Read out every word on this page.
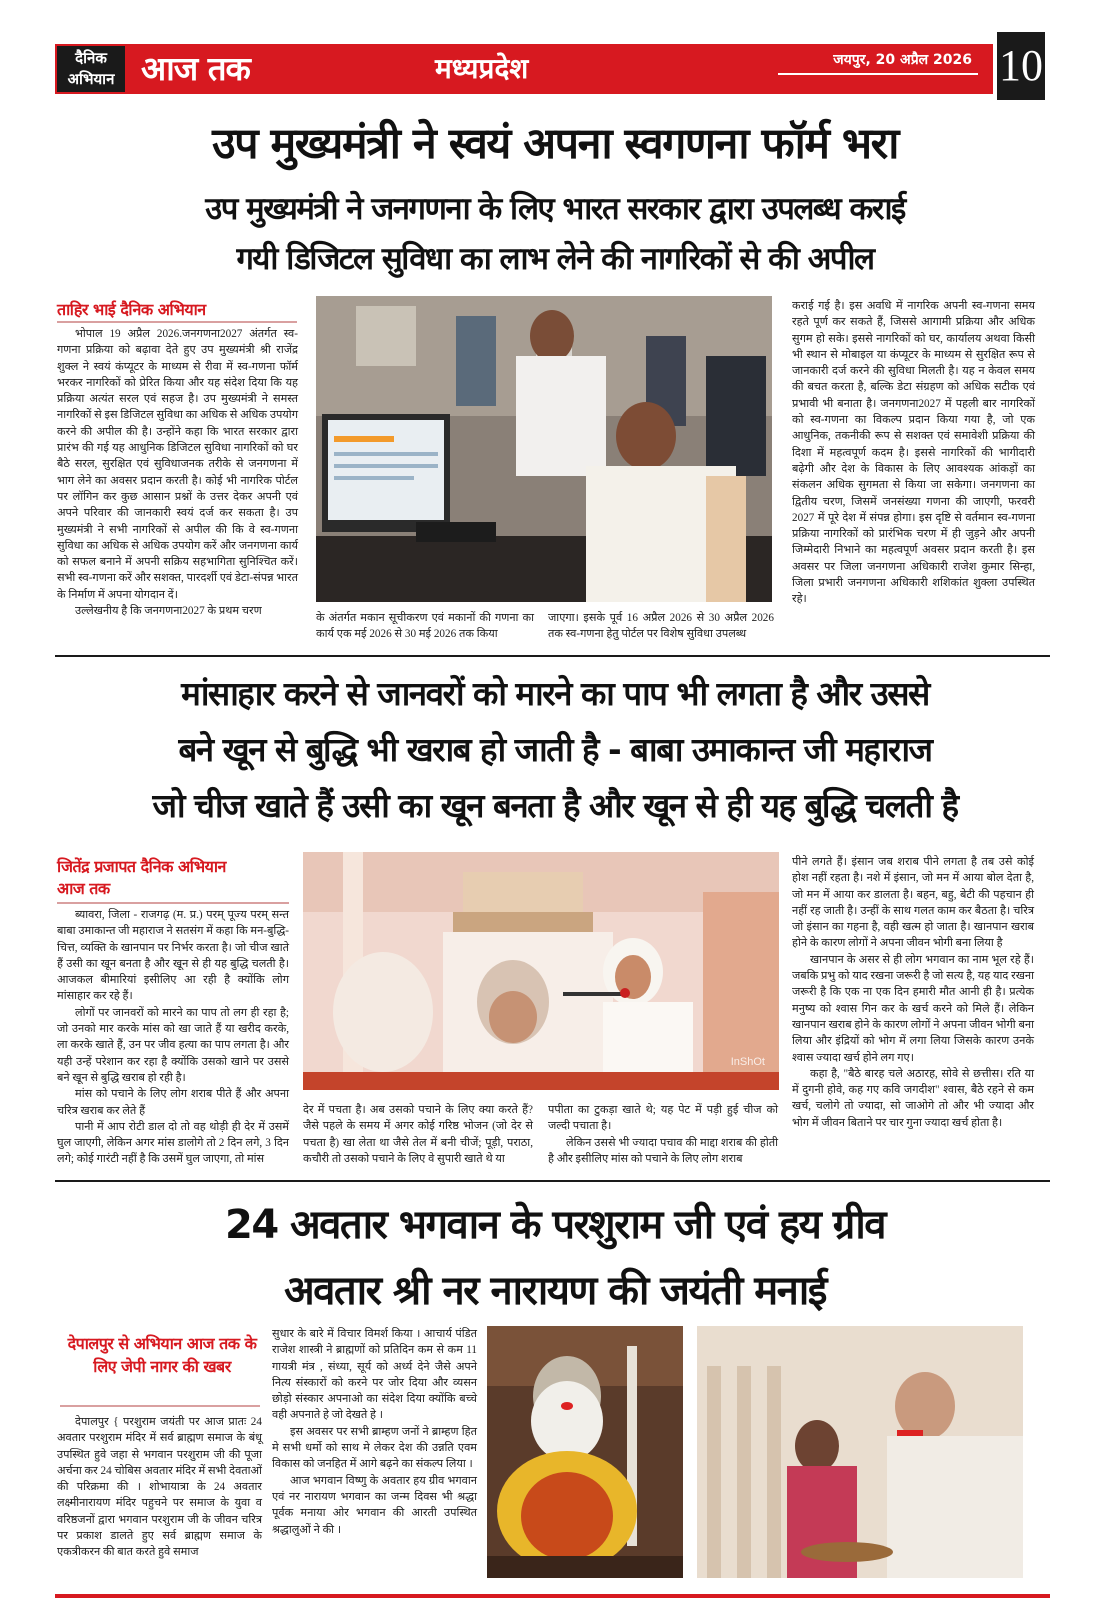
दैनिक
अभियान आज तक	मध्यप्रदेश	जयपुर, 20 अप्रैल 2026 10
उप मुख्यमंत्री ने स्वयं अपना स्वगणना फॉर्म भरा
उप मुख्यमंत्री ने जनगणना के लिए भारत सरकार द्वारा उपलब्ध कराई
गयी डिजिटल सुविधा का लाभ लेने की नागरिकों से की अपील
ताहिर भाई दैनिक अभियान

भोपाल 19 अप्रैल 2026.जनगणना2027 अंतर्गत स्व-गणना प्रक्रिया को बढ़ावा देते हुए उप मुख्यमंत्री श्री राजेंद्र शुक्ल ने स्वयं कंप्यूटर के माध्यम से रीवा में स्व-गणना फॉर्म भरकर नागरिकों को प्रेरित किया और यह संदेश दिया कि यह प्रक्रिया अत्यंत सरल एवं सहज है। उप मुख्यमंत्री ने समस्त नागरिकों से इस डिजिटल सुविधा का अधिक से अधिक उपयोग करने की अपील की है। उन्होंने कहा कि भारत सरकार द्वारा प्रारंभ की गई यह आधुनिक डिजिटल सुविधा नागरिकों को घर बैठे सरल, सुरक्षित एवं सुविधाजनक तरीके से जनगणना में भाग लेने का अवसर प्रदान करती है। कोई भी नागरिक पोर्टल पर लॉगिन कर कुछ आसान प्रश्नों के उत्तर देकर अपनी एवं अपने परिवार की जानकारी स्वयं दर्ज कर सकता है। उप मुख्यमंत्री ने सभी नागरिकों से अपील की कि वे स्व-गणना सुविधा का अधिक से अधिक उपयोग करें और जनगणना कार्य को सफल बनाने में अपनी सक्रिय सहभागिता सुनिश्चित करें। सभी स्व-गणना करें और सशक्त, पारदर्शी एवं डेटा-संपन्न भारत के निर्माण में अपना योगदान दें।

उल्लेखनीय है कि जनगणना2027 के प्रथम चरण

के अंतर्गत मकान सूचीकरण एवं मकानों की गणना का कार्य एक मई 2026 से 30 मई 2026 तक किया

जाएगा। इसके पूर्व 16 अप्रैल 2026 से 30 अप्रैल 2026 तक स्व-गणना हेतु पोर्टल पर विशेष सुविधा उपलब्ध

कराई गई है। इस अवधि में नागरिक अपनी स्व-गणना समय रहते पूर्ण कर सकते हैं, जिससे आगामी प्रक्रिया और अधिक सुगम हो सके। इससे नागरिकों को घर, कार्यालय अथवा किसी भी स्थान से मोबाइल या कंप्यूटर के माध्यम से सुरक्षित रूप से जानकारी दर्ज करने की सुविधा मिलती है। यह न केवल समय की बचत करता है, बल्कि डेटा संग्रहण को अधिक सटीक एवं प्रभावी भी बनाता है। जनगणना2027 में पहली बार नागरिकों को स्व-गणना का विकल्प प्रदान किया गया है, जो एक आधुनिक, तकनीकी रूप से सशक्त एवं समावेशी प्रक्रिया की दिशा में महत्वपूर्ण कदम है। इससे नागरिकों की भागीदारी बढ़ेगी और देश के विकास के लिए आवश्यक आंकड़ों का संकलन अधिक सुगमता से किया जा सकेगा। जनगणना का द्वितीय चरण, जिसमें जनसंख्या गणना की जाएगी, फरवरी 2027 में पूरे देश में संपन्न होगा। इस दृष्टि से वर्तमान स्व-गणना प्रक्रिया नागरिकों को प्रारंभिक चरण में ही जुड़ने और अपनी जिम्मेदारी निभाने का महत्वपूर्ण अवसर प्रदान करती है। इस अवसर पर जिला जनगणना अधिकारी राजेश कुमार सिन्हा, जिला प्रभारी जनगणना अधिकारी शशिकांत शुक्ला उपस्थित रहे।

मांसाहार करने से जानवरों को मारने का पाप भी लगता है और उससे
बने खून से बुद्धि भी खराब हो जाती है - बाबा उमाकान्त जी महाराज
जो चीज खाते हैं उसी का खून बनता है और खून से ही यह बुद्धि चलती है
जितेंद्र प्रजापत दैनिक अभियान
आज तक

ब्यावरा, जिला - राजगढ़ (म. प्र.) परम् पूज्य परम् सन्त बाबा उमाकान्त जी महाराज ने सतसंग में कहा कि मन-बुद्धि-चित्त, व्यक्ति के खानपान पर निर्भर करता है। जो चीज खाते हैं उसी का खून बनता है और खून से ही यह बुद्धि चलती है।आजकल बीमारियां इसीलिए आ रही है क्योंकि लोग मांसाहार कर रहे हैं।

लोगों पर जानवरों को मारने का पाप तो लग ही रहा है; जो उनको मार करके मांस को खा जाते हैं या खरीद करके, ला करके खाते हैं, उन पर जीव हत्या का पाप लगता है। और यही उन्हें परेशान कर रहा है क्योंकि उसको खाने पर उससे बने खून से बुद्धि खराब हो रही है।

मांस को पचाने के लिए लोग शराब पीते हैं और अपना चरित्र खराब कर लेते हैं

पानी में आप रोटी डाल दो तो वह थोड़ी ही देर में उसमें घुल जाएगी, लेकिन अगर मांस डालोगे तो 2 दिन लगे, 3 दिन लगे; कोई गारंटी नहीं है कि उसमें घुल जाएगा, तो मांस

InShOt

देर में पचता है। अब उसको पचाने के लिए क्या करते हैं? जैसे पहले के समय में अगर कोई गरिष्ठ भोजन (जो देर से पचता है) खा लेता था जैसे तेल में बनी चीजें; पूड़ी, पराठा, कचौरी तो उसको पचाने के लिए वे सुपारी खाते थे या

पपीता का टुकड़ा खाते थे; यह पेट में पड़ी हुई चीज को जल्दी पचाता है।

लेकिन उससे भी ज्यादा पचाव की माद्दा शराब की होती है और इसीलिए मांस को पचाने के लिए लोग शराब

पीने लगते हैं। इंसान जब शराब पीने लगता है तब उसे कोई होश नहीं रहता है। नशे में इंसान, जो मन में आया बोल देता है, जो मन में आया कर डालता है। बहन, बहु, बेटी की पहचान ही नहीं रह जाती है। उन्हीं के साथ गलत काम कर बैठता है। चरित्र जो इंसान का गहना है, वही खत्म हो जाता है। खानपान खराब होने के कारण लोगों ने अपना जीवन भोगी बना लिया है

खानपान के असर से ही लोग भगवान का नाम भूल रहे हैं। जबकि प्रभु को याद रखना जरूरी है जो सत्य है, यह याद रखना जरूरी है कि एक ना एक दिन हमारी मौत आनी ही है। प्रत्येक मनुष्य को श्वास गिन कर के खर्च करने को मिले हैं। लेकिन खानपान खराब होने के कारण लोगों ने अपना जीवन भोगी बना लिया और इंद्रियों को भोग में लगा लिया जिसके कारण उनके श्वास ज्यादा खर्च होने लग गए।

कहा है, "बैठे बारह चले अठारह, सोवे से छत्तीस। रति या में दुगनी होवे, कह गए कवि जगदीश" श्वास, बैठे रहने से कम खर्च, चलोगे तो ज्यादा, सो जाओगे तो और भी ज्यादा और भोग में जीवन बिताने पर चार गुना ज्यादा खर्च होता है।

24 अवतार भगवान के परशुराम जी एवं हय ग्रीव
अवतार श्री नर नारायण की जयंती मनाई
देपालपुर से अभियान आज तक के लिए जेपी नागर की खबर

देपालपुर { परशुराम जयंती पर आज प्रातः 24 अवतार परशुराम मंदिर में सर्व ब्राह्मण समाज के बंधू उपस्थित हुवे जहा से भगवान परशुराम जी की पूजा अर्चना कर 24 चोबिस अवतार मंदिर में सभी देवताओं की परिक्रमा की । शोभायात्रा के 24 अवतार लक्ष्मीनारायण मंदिर पहुचने पर समाज के युवा व वरिष्ठजनों द्वारा भगवान परशुराम जी के जीवन चरित्र पर प्रकाश डालते हुए सर्व ब्राह्मण समाज के एकत्रीकरन की बात करते हुवे समाज

सुधार के बारे में विचार विमर्श किया । आचार्य पंडित राजेश शास्त्री ने ब्राह्मणों को प्रतिदिन कम से कम 11 गायत्री मंत्र , संध्या, सूर्य को अर्ध्य देने जैसे अपने नित्य संस्कारों को करने पर जोर दिया और व्यसन छोड़ो संस्कार अपनाओ का संदेश दिया क्योंकि बच्चे वही अपनाते हे जो देखते हे ।

इस अवसर पर सभी ब्राम्हण जनों ने ब्राम्हण हित मे सभी धर्मो को साथ मे लेकर देश की उन्नति एवम विकास को जनहित में आगे बढ़ने का संकल्प लिया ।

आज भगवान विष्णु के अवतार हय ग्रीव भगवान एवं नर नारायण भगवान का जन्म दिवस भी श्रद्धा पूर्वक मनाया ओर भगवान की आरती उपस्थित श्रद्धालुओं ने की ।
